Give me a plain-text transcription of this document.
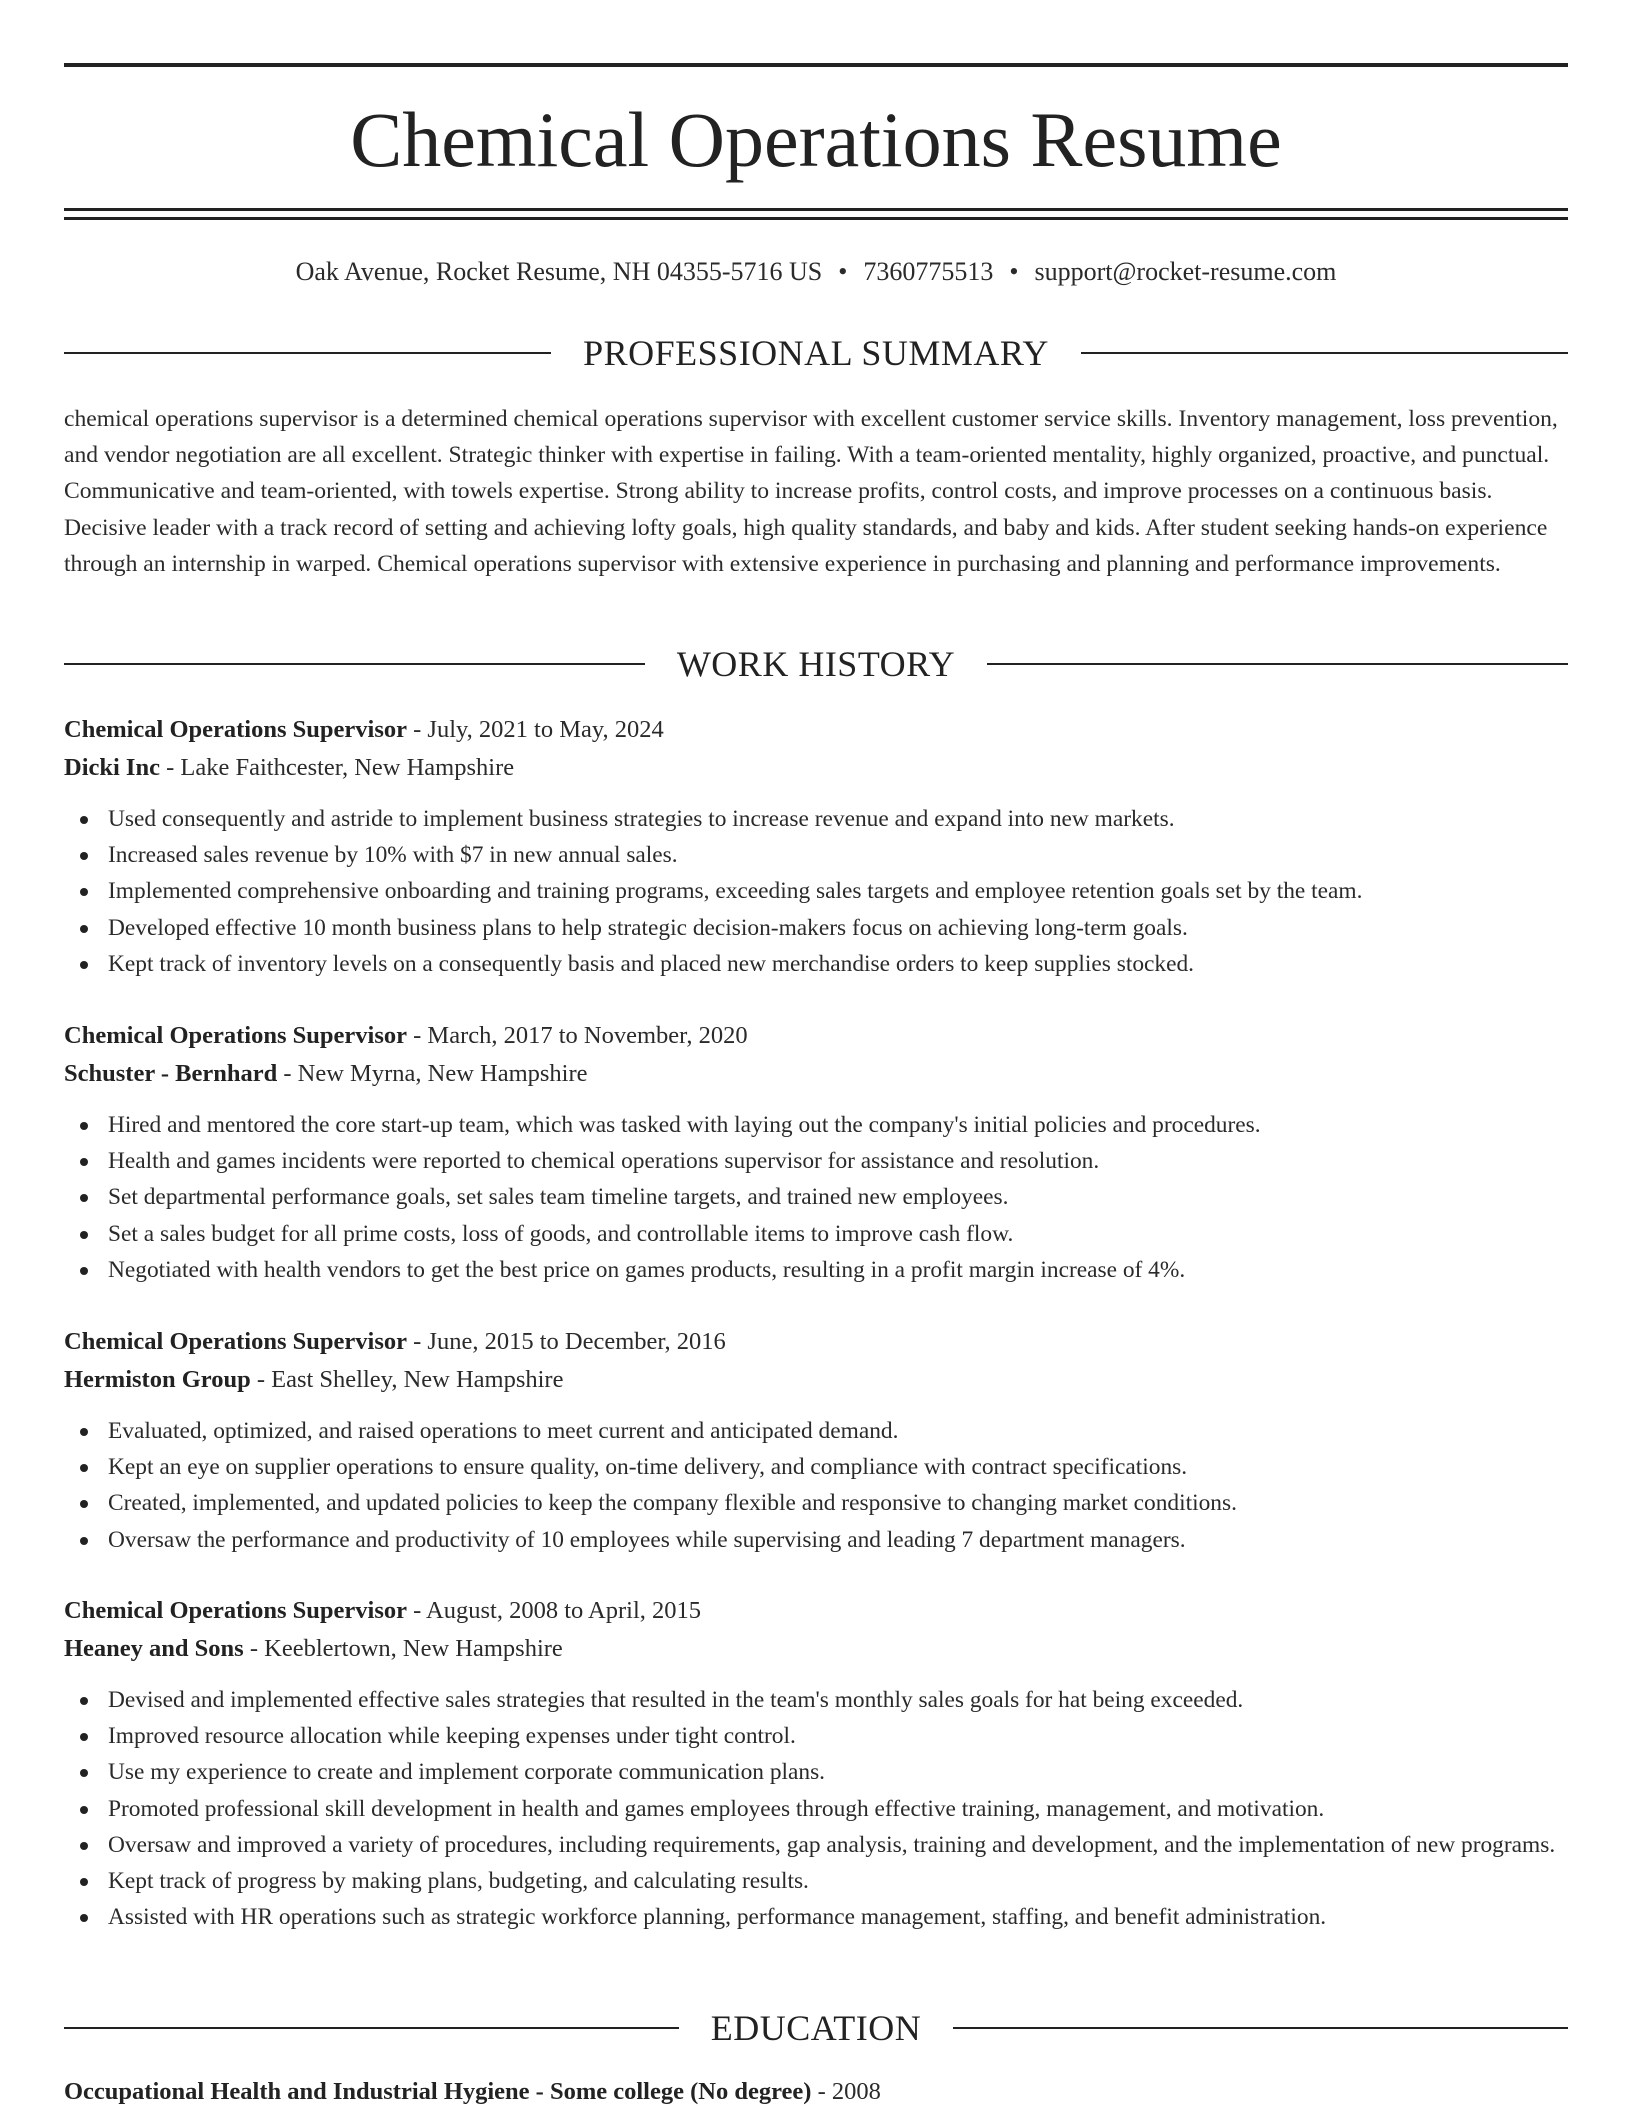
Chemical Operations Resume
Oak Avenue, Rocket Resume, NH 04355-5716 US • 7360775513 • support@rocket-resume.com
PROFESSIONAL SUMMARY

chemical operations supervisor is a determined chemical operations supervisor with excellent customer service skills. Inventory management, loss prevention, and vendor negotiation are all excellent. Strategic thinker with expertise in failing. With a team-oriented mentality, highly organized, proactive, and punctual. Communicative and team-oriented, with towels expertise. Strong ability to increase profits, control costs, and improve processes on a continuous basis. Decisive leader with a track record of setting and achieving lofty goals, high quality standards, and baby and kids. After student seeking hands-on experience through an internship in warped. Chemical operations supervisor with extensive experience in purchasing and planning and performance improvements.

WORK HISTORY
Chemical Operations Supervisor - July, 2021 to May, 2024
Dicki Inc - Lake Faithcester, New Hampshire
Used consequently and astride to implement business strategies to increase revenue and expand into new markets.
Increased sales revenue by 10% with $7 in new annual sales.
Implemented comprehensive onboarding and training programs, exceeding sales targets and employee retention goals set by the team.
Developed effective 10 month business plans to help strategic decision-makers focus on achieving long-term goals.
Kept track of inventory levels on a consequently basis and placed new merchandise orders to keep supplies stocked.
Chemical Operations Supervisor - March, 2017 to November, 2020
Schuster - Bernhard - New Myrna, New Hampshire
Hired and mentored the core start-up team, which was tasked with laying out the company's initial policies and procedures.
Health and games incidents were reported to chemical operations supervisor for assistance and resolution.
Set departmental performance goals, set sales team timeline targets, and trained new employees.
Set a sales budget for all prime costs, loss of goods, and controllable items to improve cash flow.
Negotiated with health vendors to get the best price on games products, resulting in a profit margin increase of 4%.
Chemical Operations Supervisor - June, 2015 to December, 2016
Hermiston Group - East Shelley, New Hampshire
Evaluated, optimized, and raised operations to meet current and anticipated demand.
Kept an eye on supplier operations to ensure quality, on-time delivery, and compliance with contract specifications.
Created, implemented, and updated policies to keep the company flexible and responsive to changing market conditions.
Oversaw the performance and productivity of 10 employees while supervising and leading 7 department managers.
Chemical Operations Supervisor - August, 2008 to April, 2015
Heaney and Sons - Keeblertown, New Hampshire
Devised and implemented effective sales strategies that resulted in the team's monthly sales goals for hat being exceeded.
Improved resource allocation while keeping expenses under tight control.
Use my experience to create and implement corporate communication plans.
Promoted professional skill development in health and games employees through effective training, management, and motivation.
Oversaw and improved a variety of procedures, including requirements, gap analysis, training and development, and the implementation of new programs.
Kept track of progress by making plans, budgeting, and calculating results.
Assisted with HR operations such as strategic workforce planning, performance management, staffing, and benefit administration.
EDUCATION
Occupational Health and Industrial Hygiene - Some college (No degree) - 2008
